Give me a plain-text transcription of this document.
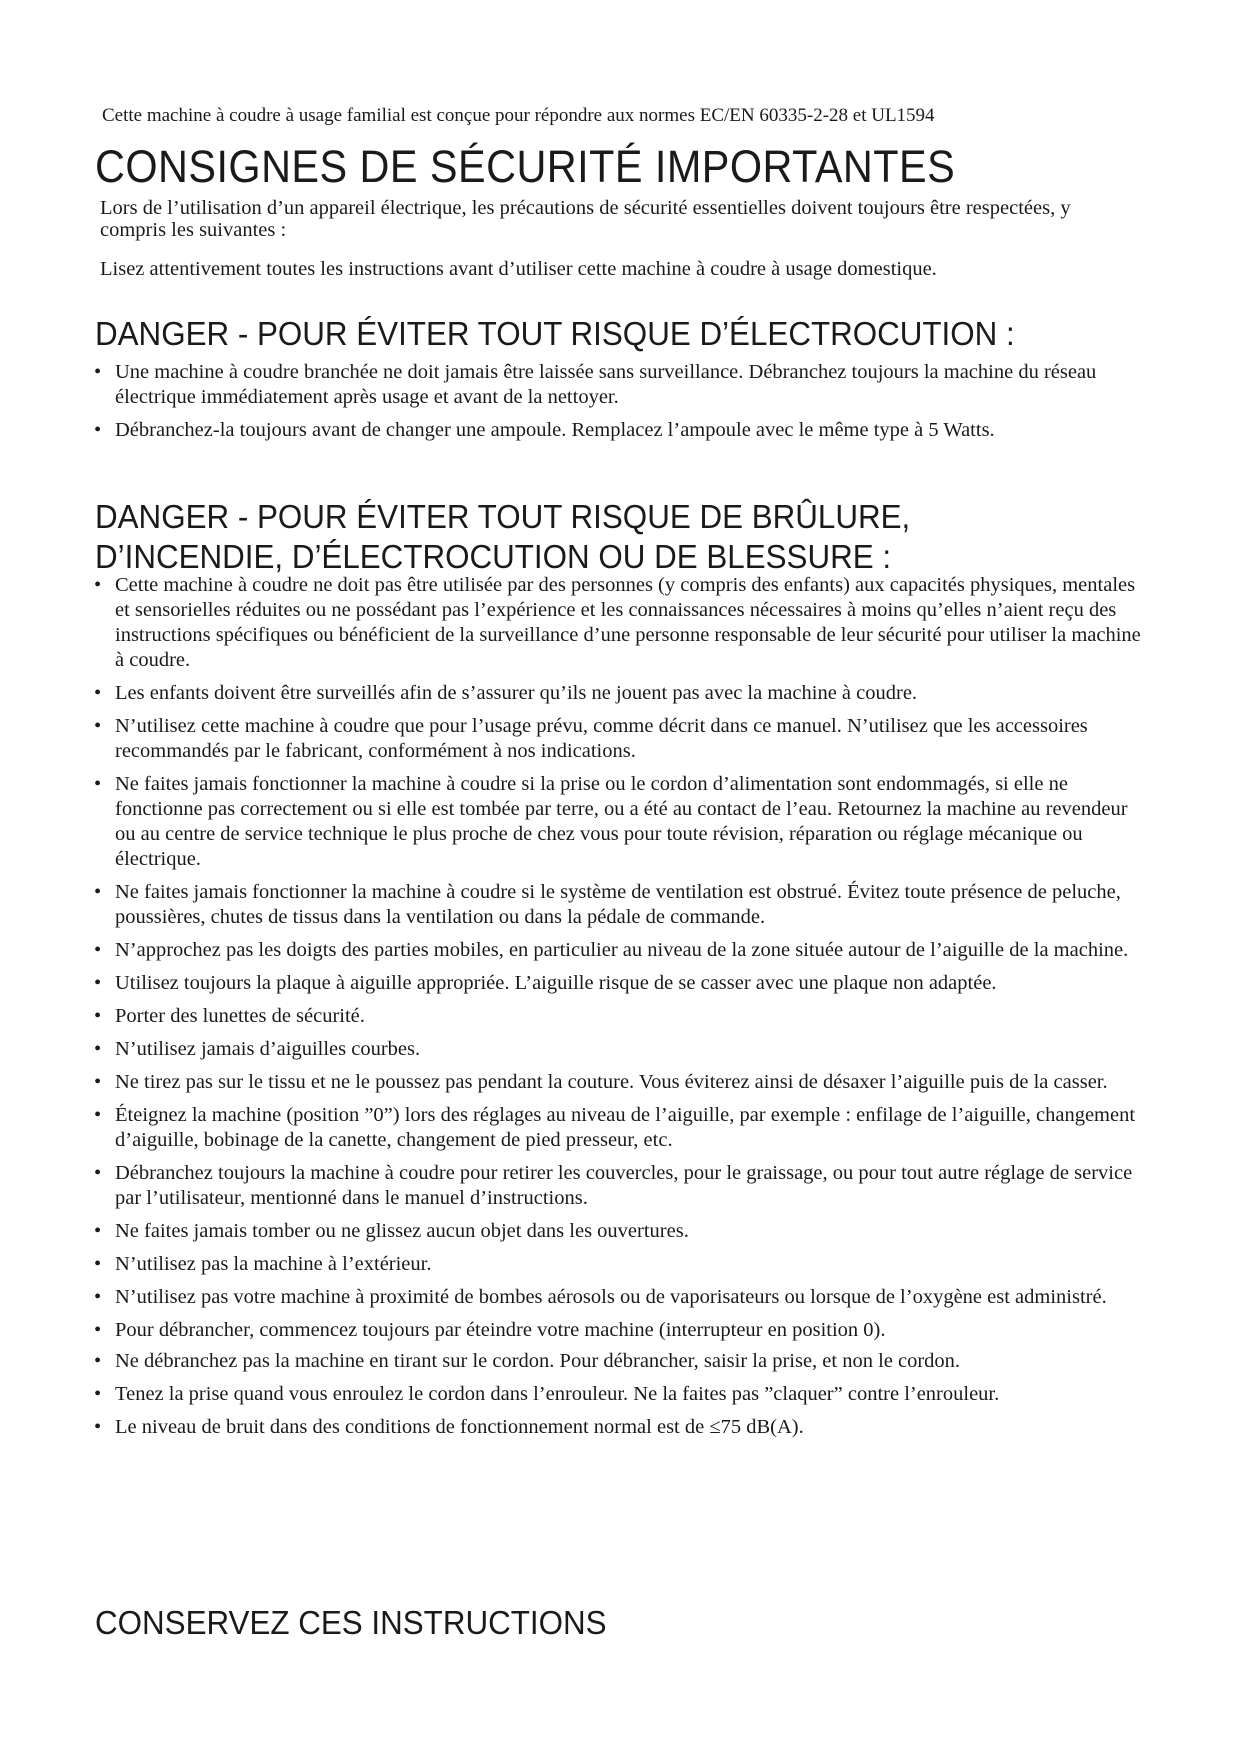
Cette machine à coudre à usage familial est conçue pour répondre aux normes EC/EN 60335-2-28 et UL1594
CONSIGNES DE SÉCURITÉ IMPORTANTES
Lors de l’utilisation d’un appareil électrique, les précautions de sécurité essentielles doivent toujours être respectées, y compris les suivantes :
Lisez attentivement toutes les instructions avant d’utiliser cette machine à coudre à usage domestique.
DANGER - POUR ÉVITER TOUT RISQUE D’ÉLECTROCUTION :
• Une machine à coudre branchée ne doit jamais être laissée sans surveillance. Débranchez toujours la machine du réseau électrique immédiatement après usage et avant de la nettoyer.
• Débranchez-la toujours avant de changer une ampoule. Remplacez l’ampoule avec le même type à 5 Watts.
DANGER - POUR ÉVITER TOUT RISQUE DE BRÛLURE,
D’INCENDIE, D’ÉLECTROCUTION OU DE BLESSURE :
• Cette machine à coudre ne doit pas être utilisée par des personnes (y compris des enfants) aux capacités physiques, mentales et sensorielles réduites ou ne possédant pas l’expérience et les connaissances nécessaires à moins qu’elles n’aient reçu des instructions spécifiques ou bénéficient de la surveillance d’une personne responsable de leur sécurité pour utiliser la machine à coudre.
• Les enfants doivent être surveillés afin de s’assurer qu’ils ne jouent pas avec la machine à coudre.
• N’utilisez cette machine à coudre que pour l’usage prévu, comme décrit dans ce manuel. N’utilisez que les accessoires recommandés par le fabricant, conformément à nos indications.
• Ne faites jamais fonctionner la machine à coudre si la prise ou le cordon d’alimentation sont endommagés, si elle ne fonctionne pas correctement ou si elle est tombée par terre, ou a été au contact de l’eau. Retournez la machine au revendeur ou au centre de service technique le plus proche de chez vous pour toute révision, réparation ou réglage mécanique ou électrique.
• Ne faites jamais fonctionner la machine à coudre si le système de ventilation est obstrué. Évitez toute présence de peluche, poussières, chutes de tissus dans la ventilation ou dans la pédale de commande.
• N’approchez pas les doigts des parties mobiles, en particulier au niveau de la zone située autour de l’aiguille de la machine.
• Utilisez toujours la plaque à aiguille appropriée. L’aiguille risque de se casser avec une plaque non adaptée.
• Porter des lunettes de sécurité.
• N’utilisez jamais d’aiguilles courbes.
• Ne tirez pas sur le tissu et ne le poussez pas pendant la couture. Vous éviterez ainsi de désaxer l’aiguille puis de la casser.
• Éteignez la machine (position ”0”) lors des réglages au niveau de l’aiguille, par exemple : enfilage de l’aiguille, changement d’aiguille, bobinage de la canette, changement de pied presseur, etc.
• Débranchez toujours la machine à coudre pour retirer les couvercles, pour le graissage, ou pour tout autre réglage de service par l’utilisateur, mentionné dans le manuel d’instructions.
• Ne faites jamais tomber ou ne glissez aucun objet dans les ouvertures.
• N’utilisez pas la machine à l’extérieur.
• N’utilisez pas votre machine à proximité de bombes aérosols ou de vaporisateurs ou lorsque de l’oxygène est administré.
• Pour débrancher, commencez toujours par éteindre votre machine (interrupteur en position 0).
• Ne débranchez pas la machine en tirant sur le cordon. Pour débrancher, saisir la prise, et non le cordon.
• Tenez la prise quand vous enroulez le cordon dans l’enrouleur. Ne la faites pas ”claquer” contre l’enrouleur.
• Le niveau de bruit dans des conditions de fonctionnement normal est de ≤75 dB(A).
CONSERVEZ CES INSTRUCTIONS
